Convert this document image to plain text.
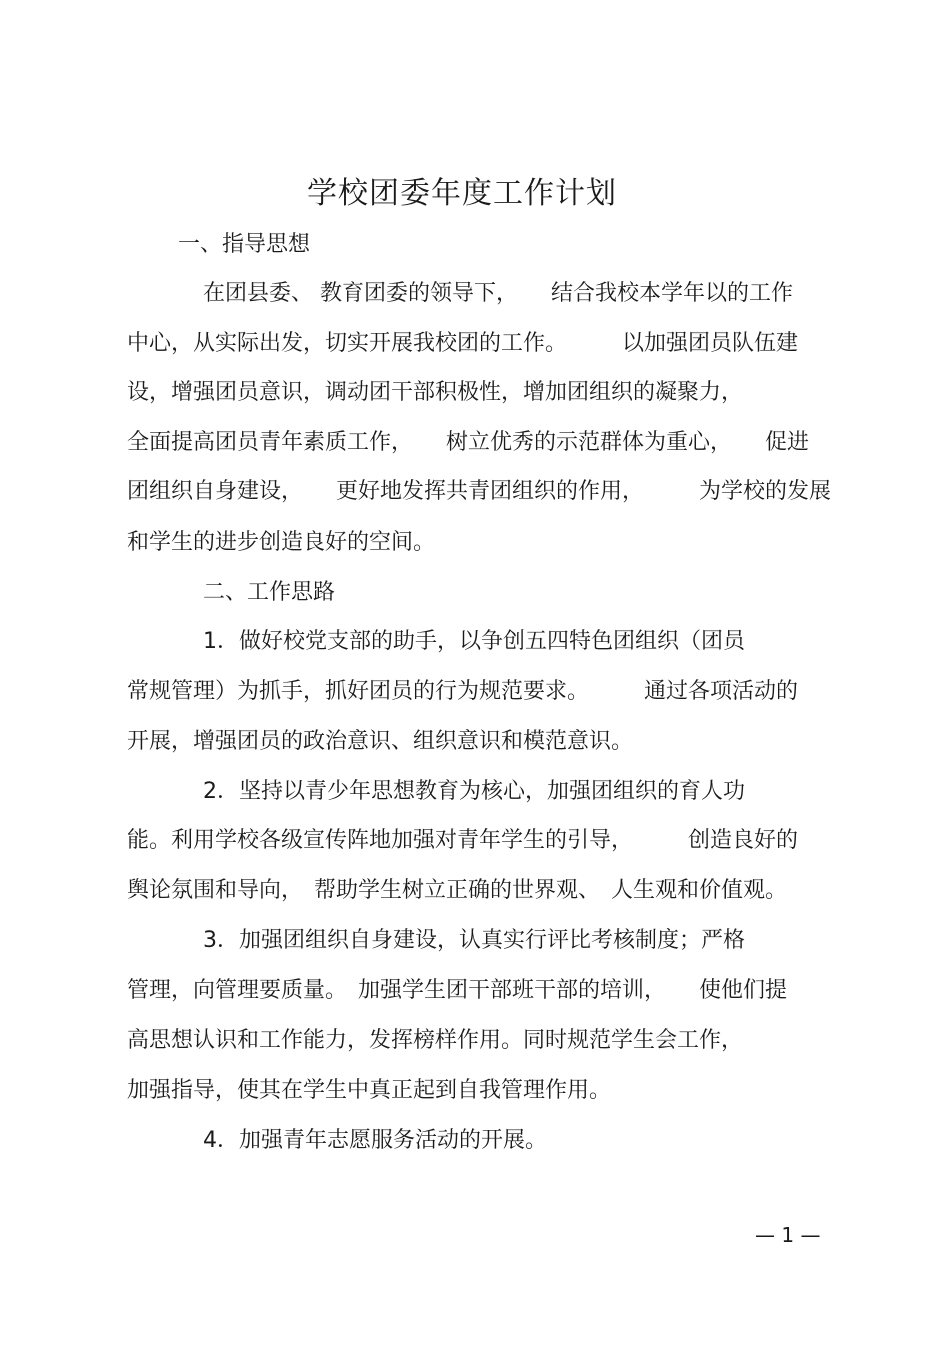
学校团委年度工作计划
一、指导思想
在团县委、 教育团委的领导下，　　结合我校本学年以的工作
中心，从实际出发，切实开展我校团的工作。　　　以加强团员队伍建
设，增强团员意识，调动团干部积极性，增加团组织的凝聚力，
全面提高团员青年素质工作，　　树立优秀的示范群体为重心，　　促进
团组织自身建设，　　更好地发挥共青团组织的作用，　　　为学校的发展
和学生的进步创造良好的空间。
二、工作思路
1．做好校党支部的助手，以争创五四特色团组织（团员
常规管理）为抓手，抓好团员的行为规范要求。　　　通过各项活动的
开展，增强团员的政治意识、组织意识和模范意识。
2．坚持以青少年思想教育为核心，加强团组织的育人功
能。利用学校各级宣传阵地加强对青年学生的引导，　　　创造良好的
舆论氛围和导向，　帮助学生树立正确的世界观、　人生观和价值观。
3．加强团组织自身建设，认真实行评比考核制度；严格
管理，向管理要质量。　加强学生团干部班干部的培训，　　使他们提
高思想认识和工作能力，发挥榜样作用。同时规范学生会工作，
加强指导，使其在学生中真正起到自我管理作用。
4．加强青年志愿服务活动的开展。
— 1 —
